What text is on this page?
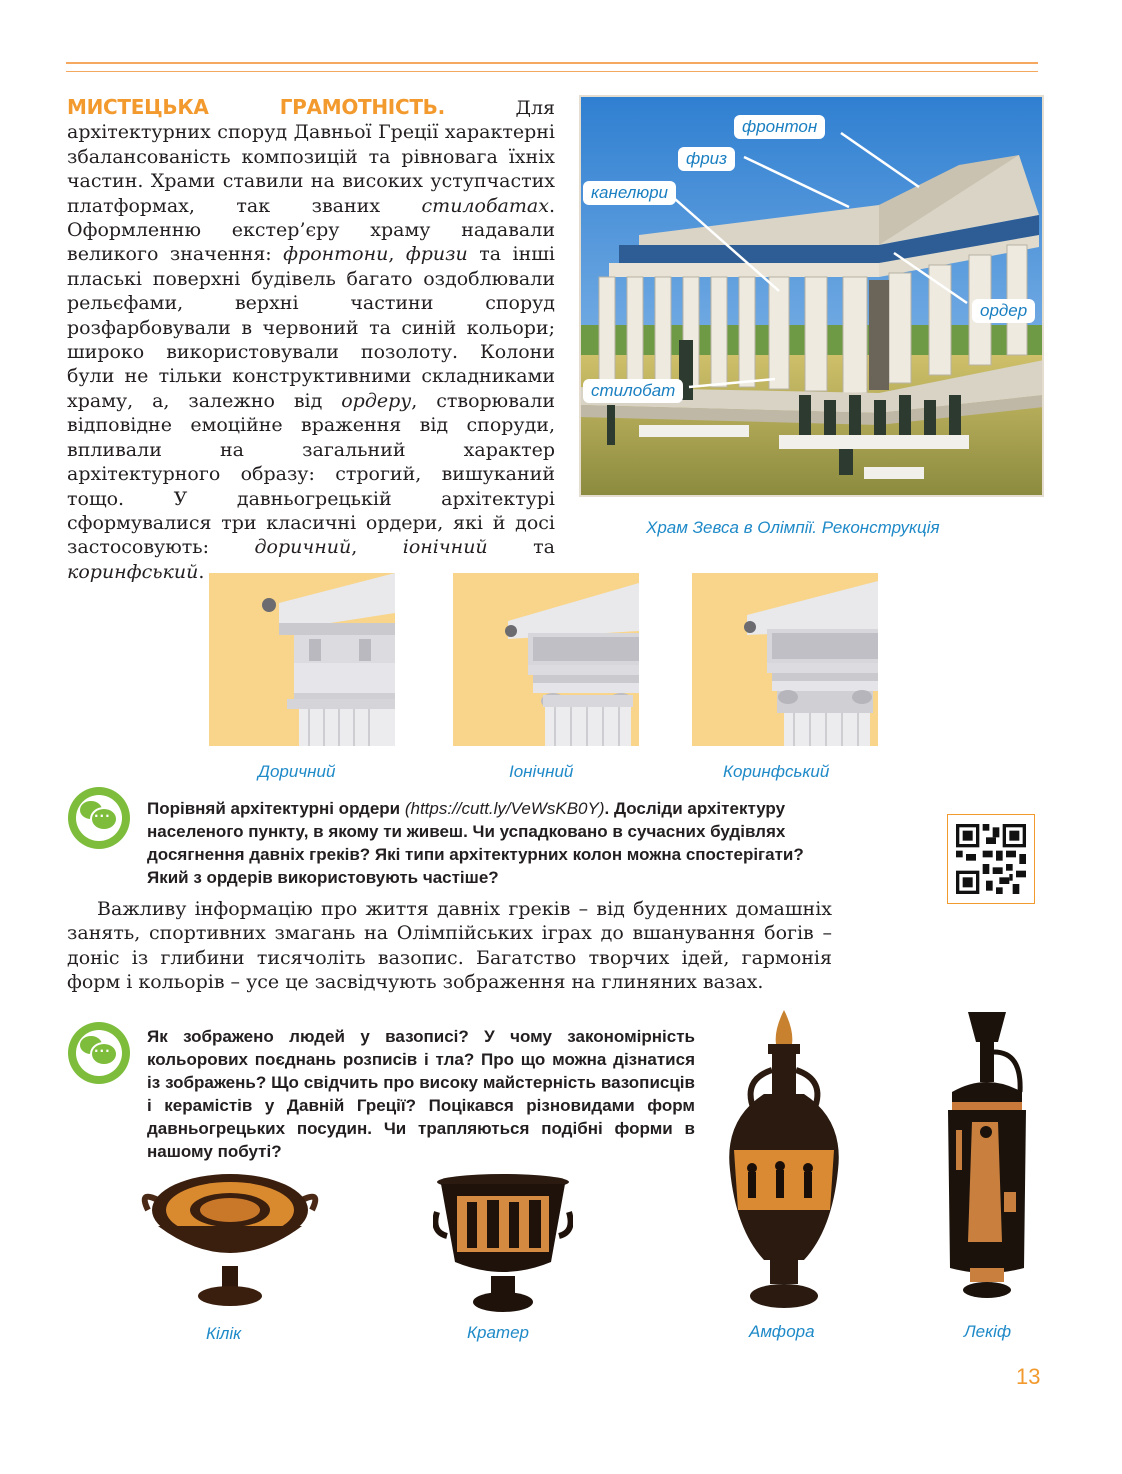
МИСТЕЦЬКА ГРАМОТНІСТЬ. Для архітектурних споруд Давньої Греції характерні збалансованість композицій та рівновага їхніх частин. Храми ставили на високих уступчастих платформах, так званих стилобатах. Оформленню екстер’єру храму надавали великого значення: фронтони, фризи та інші плаські поверхні будівель багато оздоблювали рельєфами, верхні частини споруд розфарбовували в червоний та синій кольори; широко використовували позолоту. Колони були не тільки конструктивними складниками храму, а, залежно від ордеру, створювали відповідне емоційне враження від споруди, впливали на загальний характер архітектурного образу: строгий, вишуканий тощо. У давньогрецькій архітектурі сформувалися три класичні ордери, які й досі застосовують: доричний, іонічний та коринфський.
фронтон
фриз
канелюри
ордер
стилобат
Храм Зевса в Олімпії. Реконструкція
Доричний	Іонічний	Коринфський
··· Порівняй архітектурні ордери (https://cutt.ly/VeWsKB0Y). Досліди архітектуру населеного пункту, в якому ти живеш. Чи успадковано в сучасних будівлях досягнення давніх греків? Які типи архітектурних колон можна спостерігати? Який з ордерів використовують частіше?
Важливу інформацію про життя давніх греків – від буденних домашніх занять, спортивних змагань на Олімпійських іграх до вшанування богів – доніс із глибини тисячоліть вазопис. Багатство творчих ідей, гармонія форм і кольорів – усе це засвідчують зображення на глиняних вазах.
···
Як зображено людей у вазописі? У чому закономірність кольорових поєднань розписів і тла? Про що можна дізнатися із зображень? Що свідчить про високу майстерність вазописців і керамістів у Давній Греції? Поцікався різновидами форм давньогрецьких посудин. Чи трапляються подібні форми в нашому побуті?
Кілік	Кратер	Амфора	Лекіф
13
